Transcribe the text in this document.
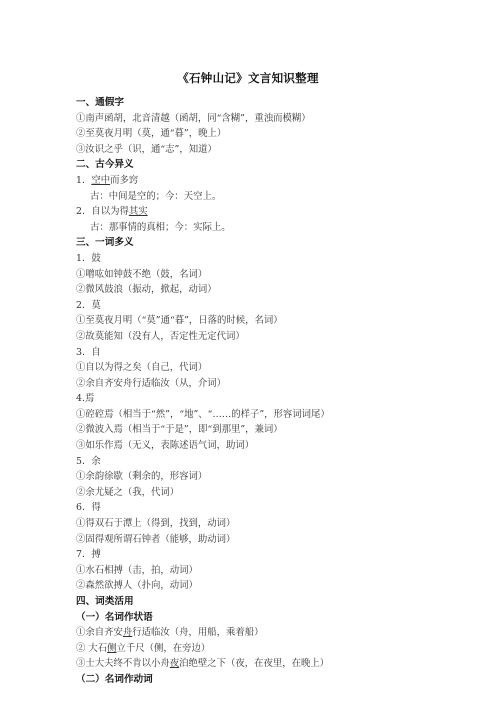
《石钟山记》文言知识整理
一、通假字
①南声函胡，北音清越（函胡，同“含糊”，重浊而模糊）
②至莫夜月明（莫，通“暮”，晚上）
③汝识之乎（识，通“志”，知道）
二、古今异义
1．空中而多窍
古：中间是空的；今：天空上。
2．自以为得其实
古：那事情的真相；今：实际上。
三、一词多义
1．鼓
①噌吰如钟鼓不绝（鼓，名词）
②微风鼓浪（振动，掀起，动词）
2．莫
①至莫夜月明（“莫”通“暮”，日落的时候，名词）
②故莫能知（没有人，否定性无定代词）
3．自
①自以为得之矣（自己，代词）
②余自齐安舟行适临汝（从，介词）
4.焉
①硿硿焉（相当于“然”，“地”、“……的样子”，形容词词尾）
②微波入焉（相当于“于是”，即“到那里”，兼词）
③如乐作焉（无义，表陈述语气词，助词）
5．余
①余韵徐歇（剩余的，形容词）
②余尤疑之（我，代词）
6．得
①得双石于潭上（得到，找到，动词）
②固得观所谓石钟者（能够，助动词）
7．搏
①水石相搏（击，拍，动词）
②森然欲搏人（扑向，动词）
四、词类活用
（一）名词作状语
①余自齐安舟行适临汝（舟，用船，乘着船）
② 大石侧立千尺（侧，在旁边）
③士大夫终不肯以小舟夜泊绝壁之下（夜，在夜里，在晚上）
（二）名词作动词
